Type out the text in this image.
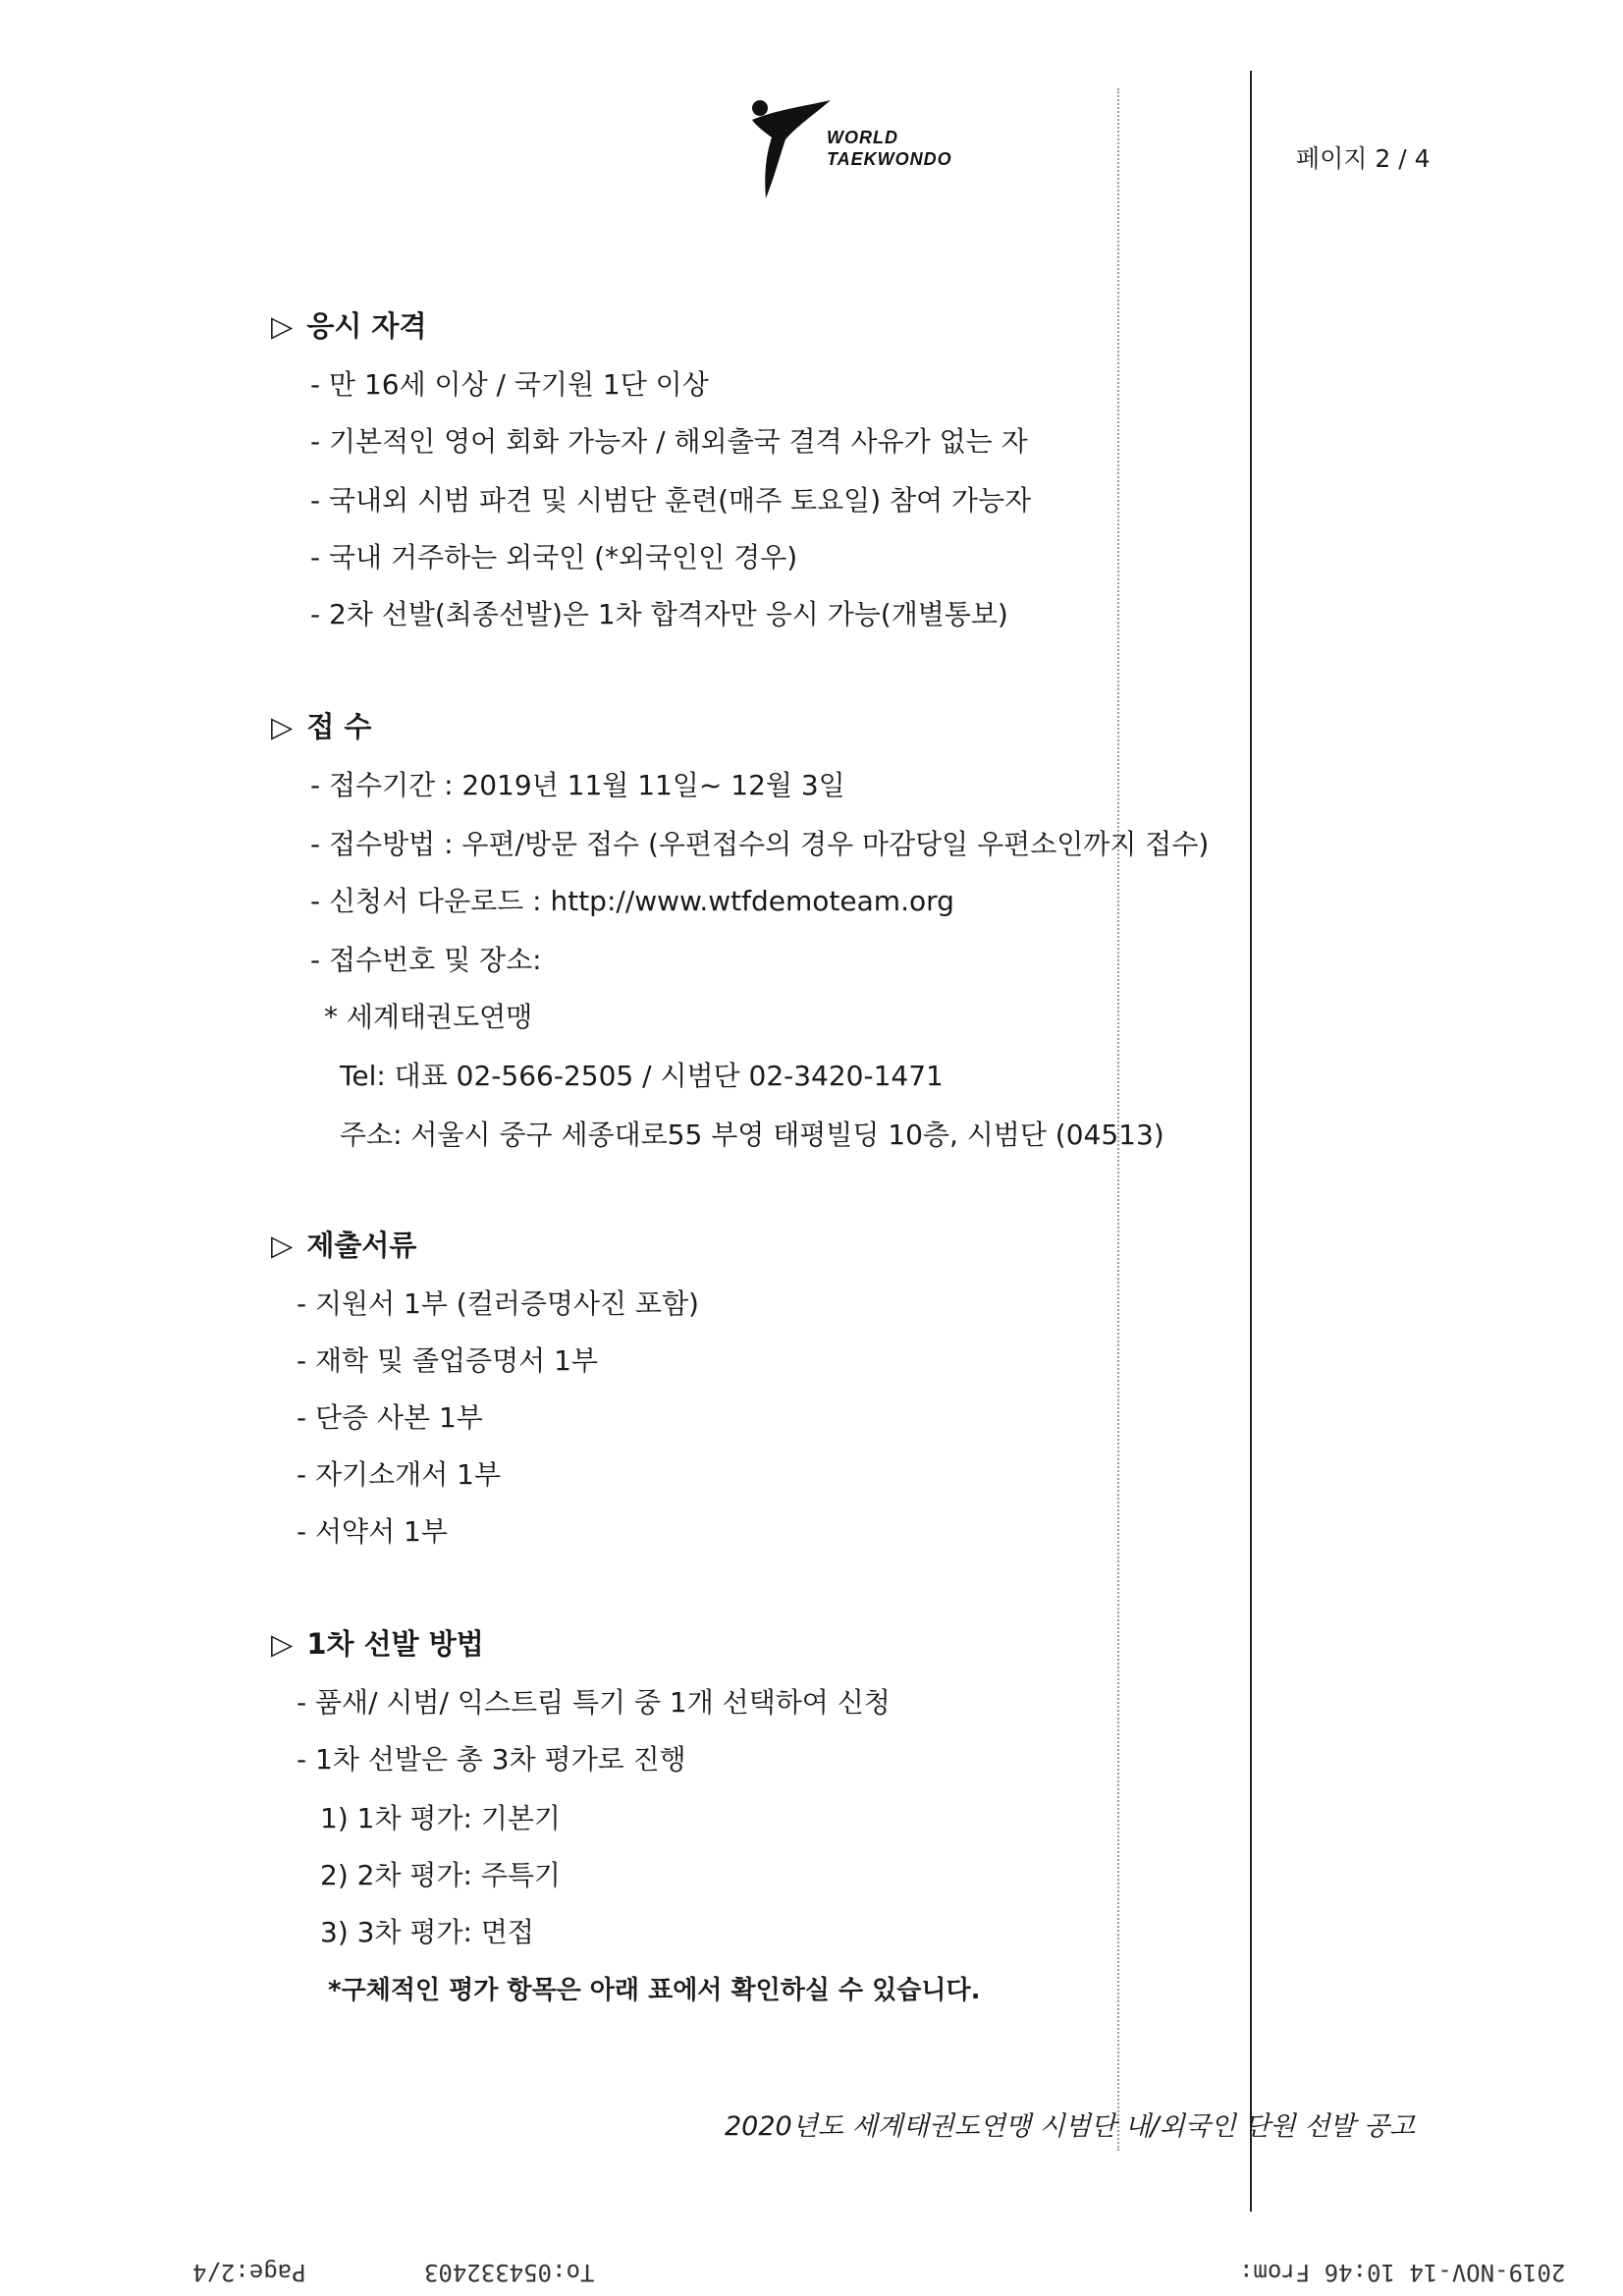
WORLD
TAEKWONDO	페이지 2 / 4
▷ 응시 자격
- 만 16세 이상 / 국기원 1단 이상
- 기본적인 영어 회화 가능자 / 해외출국 결격 사유가 없는 자
- 국내외 시범 파견 및 시범단 훈련(매주 토요일) 참여 가능자
- 국내 거주하는 외국인 (*외국인인 경우)
- 2차 선발(최종선발)은 1차 합격자만 응시 가능(개별통보)
▷ 접 수
- 접수기간 : 2019년 11월 11일~ 12월 3일
- 접수방법 : 우편/방문 접수 (우편접수의 경우 마감당일 우편소인까지 접수)
- 신청서 다운로드 : http://www.wtfdemoteam.org
- 접수번호 및 장소:
* 세계태권도연맹
Tel: 대표 02-566-2505 / 시범단 02-3420-1471
주소: 서울시 중구 세종대로55 부영 태평빌딩 10층, 시범단 (04513)
▷ 제출서류
- 지원서 1부 (컬러증명사진 포함)
- 재학 및 졸업증명서 1부
- 단증 사본 1부
- 자기소개서 1부
- 서약서 1부
▷ 1차 선발 방법
- 품새/ 시범/ 익스트림 특기 중 1개 선택하여 신청
- 1차 선발은 총 3차 평가로 진행
1) 1차 평가: 기본기
2) 2차 평가: 주특기
3) 3차 평가: 면접
*구체적인 평가 항목은 아래 표에서 확인하실 수 있습니다.
2020년도 세계태권도연맹 시범단 내/외국인 단원 선발 공고
Page:2/4	To:054332403	2019-NOV-14 10:46 From:
